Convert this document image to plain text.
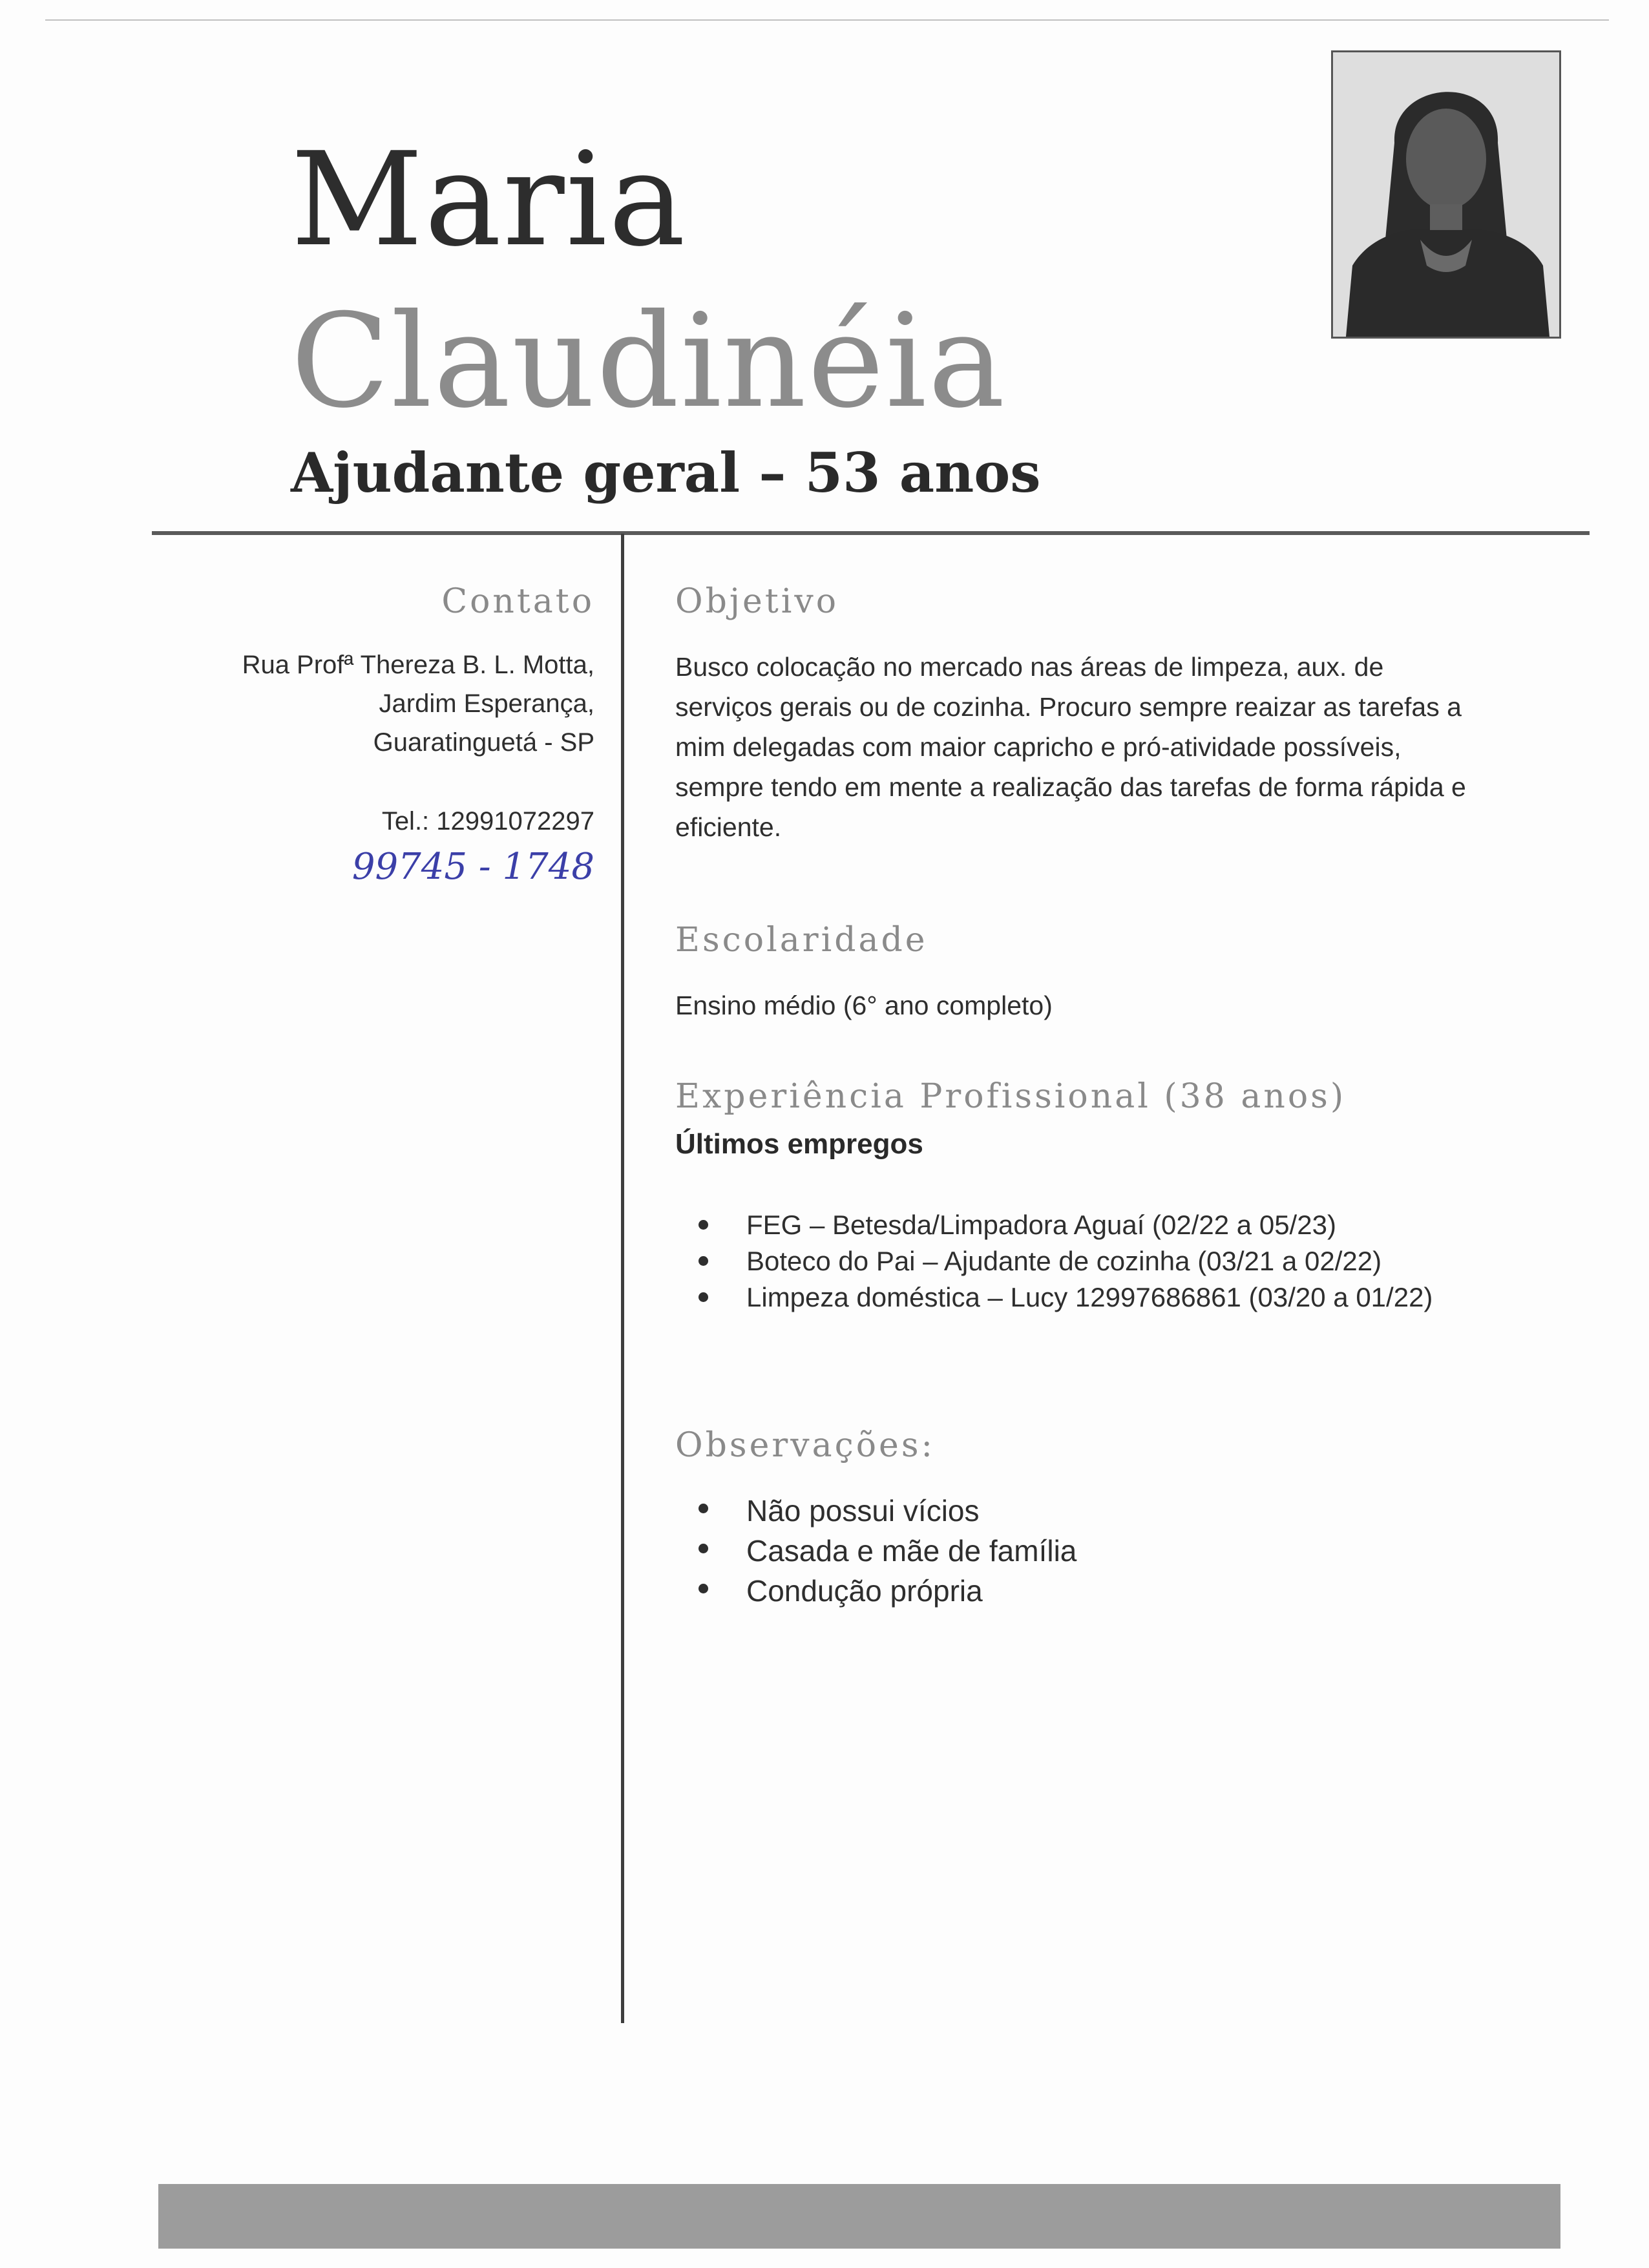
Maria
Claudinéia
Ajudante geral – 53 anos
Contato
Rua Profª Thereza B. L. Motta,
Jardim Esperança,
Guaratinguetá - SP
Tel.: 12991072297
99745 - 1748
Objetivo
Busco colocação no mercado nas áreas de limpeza, aux. de
serviços gerais ou de cozinha. Procuro sempre reaizar as tarefas a
mim delegadas com maior capricho e pró-atividade possíveis,
sempre tendo em mente a realização das tarefas de forma rápida e
eficiente.
Escolaridade
Ensino médio (6° ano completo)
Experiência Profissional (38 anos)
Últimos empregos
FEG – Betesda/Limpadora Aguaí (02/22 a 05/23)
Boteco do Pai – Ajudante de cozinha (03/21 a 02/22)
Limpeza doméstica – Lucy 12997686861 (03/20 a 01/22)
Observações:
Não possui vícios
Casada e mãe de família
Condução própria
